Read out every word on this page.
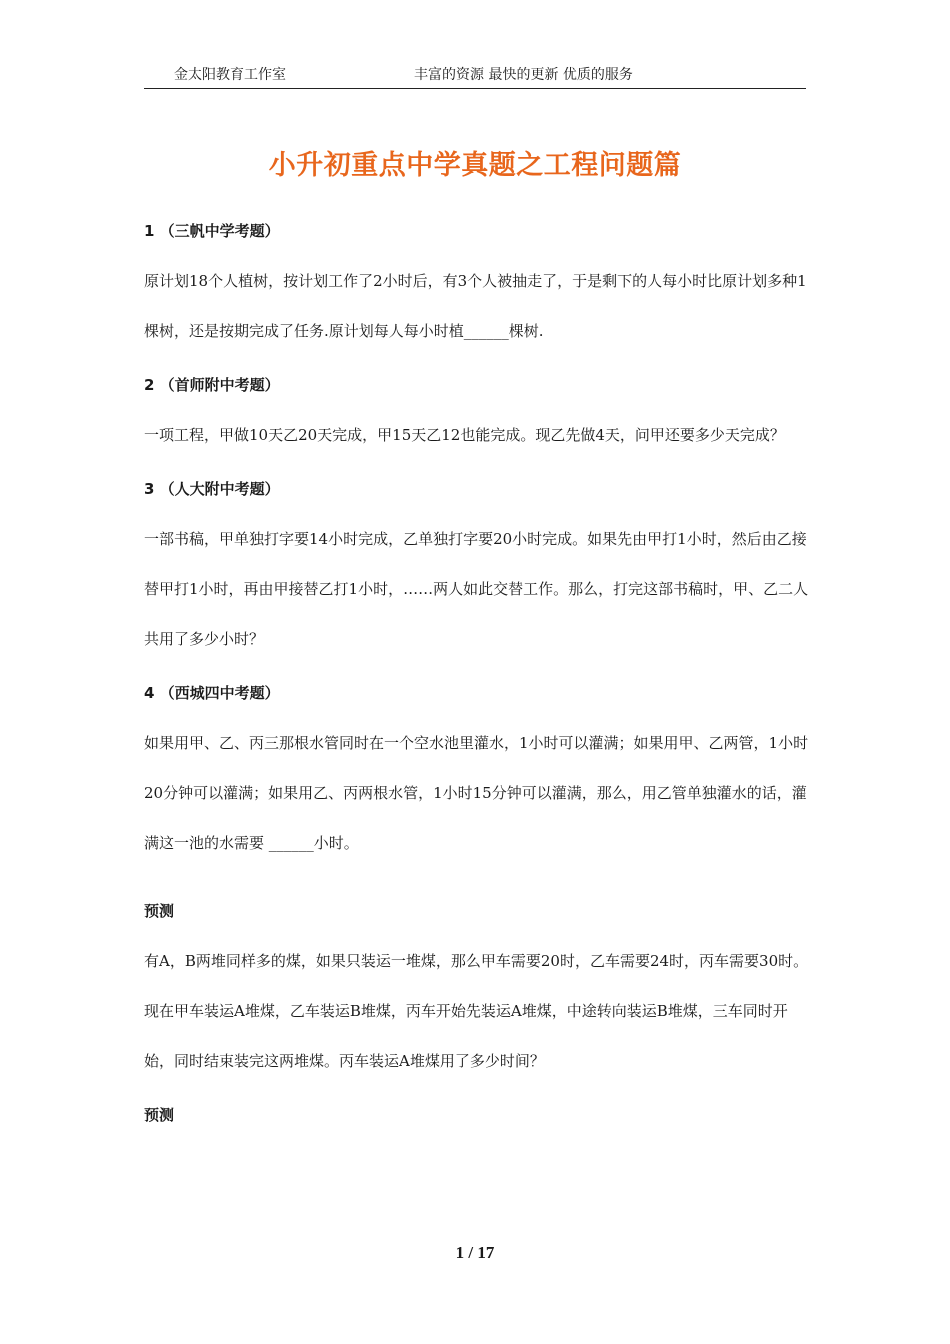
金太阳教育工作室	丰富的资源 最快的更新 优质的服务
小升初重点中学真题之工程问题篇

1 （三帆中学考题）

原计划18个人植树，按计划工作了2小时后，有3个人被抽走了，于是剩下的人每小时比原计划多种1棵树，还是按期完成了任务.原计划每人每小时植______棵树.

2 （首师附中考题）

一项工程，甲做10天乙20天完成，甲15天乙12也能完成。现乙先做4天，问甲还要多少天完成？

3 （人大附中考题）

一部书稿，甲单独打字要14小时完成，乙单独打字要20小时完成。如果先由甲打1小时，然后由乙接替甲打1小时，再由甲接替乙打1小时，……两人如此交替工作。那么，打完这部书稿时，甲、乙二人共用了多少小时？

4 （西城四中考题）

如果用甲、乙、丙三那根水管同时在一个空水池里灌水，1小时可以灌满；如果用甲、乙两管，1小时20分钟可以灌满；如果用乙、丙两根水管，1小时15分钟可以灌满，那么，用乙管单独灌水的话，灌满这一池的水需要 ______小时。

预测

有A，B两堆同样多的煤，如果只装运一堆煤，那么甲车需要20时，乙车需要24时，丙车需要30时。现在甲车装运A堆煤，乙车装运B堆煤，丙车开始先装运A堆煤，中途转向装运B堆煤，三车同时开始，同时结束装完这两堆煤。丙车装运A堆煤用了多少时间？

预测

1 / 17
